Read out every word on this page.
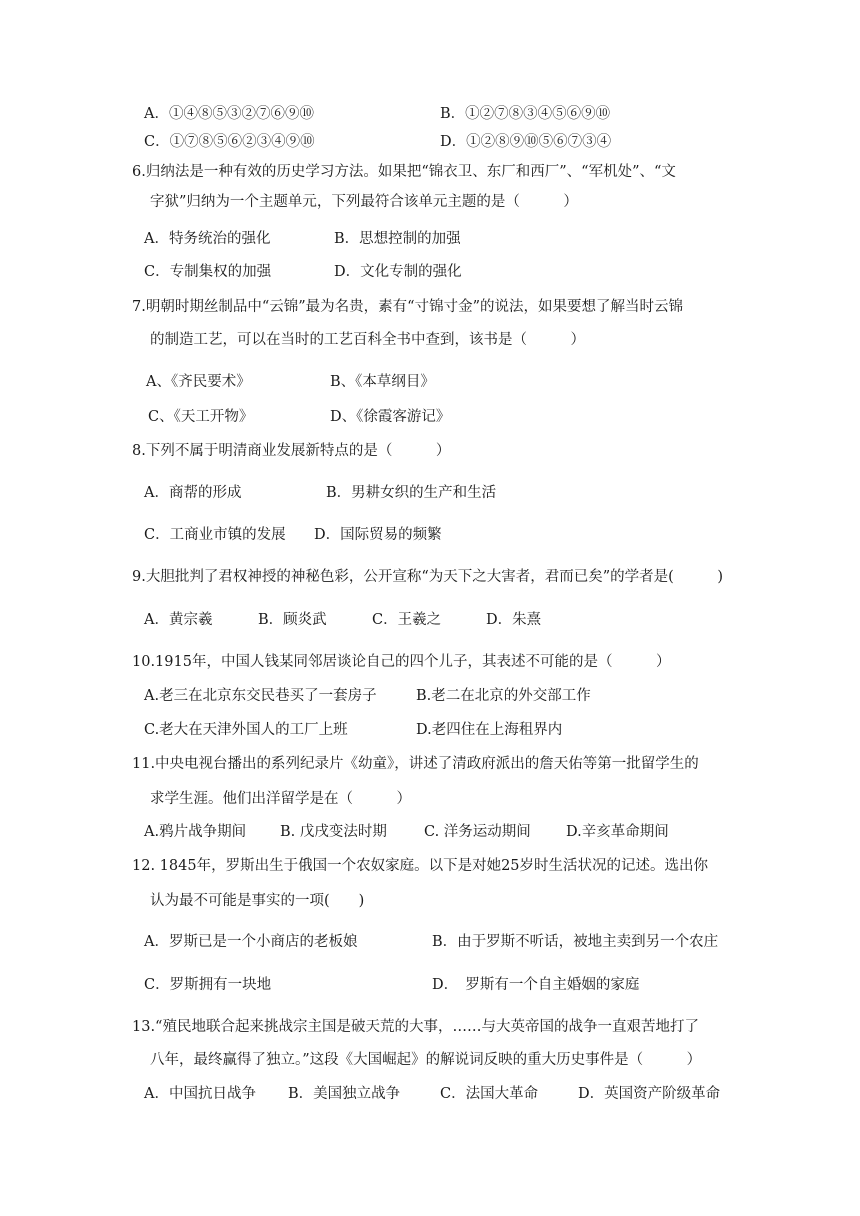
A．①④⑧⑤③②⑦⑥⑨⑩	B．①②⑦⑧③④⑤⑥⑨⑩
C．①⑦⑧⑤⑥②③④⑨⑩	D．①②⑧⑨⑩⑤⑥⑦③④
6.归纳法是一种有效的历史学习方法。如果把“锦衣卫、东厂和西厂”、“军机处”、“文
字狱”归纳为一个主题单元，下列最符合该单元主题的是（　　　）
A．特务统治的强化	B．思想控制的加强
C．专制集权的加强	D．文化专制的强化
7.明朝时期丝制品中“云锦”最为名贵，素有“寸锦寸金”的说法，如果要想了解当时云锦
的制造工艺，可以在当时的工艺百科全书中查到，该书是（　　　）
A、《齐民要术》	B、《本草纲目》
C、《天工开物》	D、《徐霞客游记》
8.下列不属于明清商业发展新特点的是（　　　）
A．商帮的形成	B．男耕女织的生产和生活
C．工商业市镇的发展 D．国际贸易的频繁
9.大胆批判了君权神授的神秘色彩，公开宣称“为天下之大害者，君而已矣”的学者是(　　　)
A．黄宗羲	B．顾炎武	C．王羲之	D．朱熹
10.1915年，中国人钱某同邻居谈论自己的四个儿子，其表述不可能的是（　　　）
A.老三在北京东交民巷买了一套房子	B.老二在北京的外交部工作
C.老大在天津外国人的工厂上班	D.老四住在上海租界内
11.中央电视台播出的系列纪录片《幼童》，讲述了清政府派出的詹天佑等第一批留学生的
求学生涯。他们出洋留学是在（　　　）
A.鸦片战争期间 B. 戊戌变法时期	C. 洋务运动期间 D.辛亥革命期间
12. 1845年，罗斯出生于俄国一个农奴家庭。以下是对她25岁时生活状况的记述。选出你
认为最不可能是事实的一项(　　)
A．罗斯已是一个小商店的老板娘	B．由于罗斯不听话，被地主卖到另一个农庄
C．罗斯拥有一块地	D．　罗斯有一个自主婚姻的家庭
13.“殖民地联合起来挑战宗主国是破天荒的大事，……与大英帝国的战争一直艰苦地打了
八年，最终赢得了独立。”这段《大国崛起》的解说词反映的重大历史事件是（　　　）
A．中国抗日战争 B．美国独立战争	C．法国大革命	D．英国资产阶级革命
